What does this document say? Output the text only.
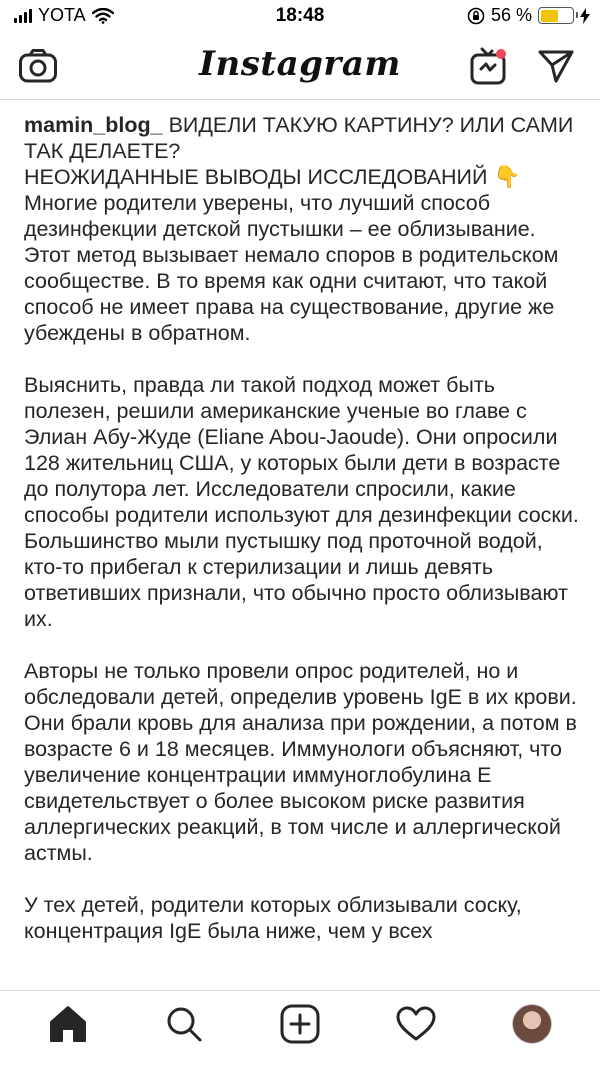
YOTA	18:48	56 %
Instagram
mamin_blog_ ВИДЕЛИ ТАКУЮ КАРТИНУ? ИЛИ САМИ ТАК ДЕЛАЕТЕ?
НЕОЖИДАННЫЕ ВЫВОДЫ ИССЛЕДОВАНИЙ 👇
Многие родители уверены, что лучший способ дезинфекции детской пустышки – ее облизывание. Этот метод вызывает немало споров в родительском сообществе. В то время как одни считают, что такой способ не имеет права на существование, другие же убеждены в обратном.
Выяснить, правда ли такой подход может быть полезен, решили американские ученые во главе с Элиан Абу-Жуде (Eliane Abou-Jaoude). Они опросили 128 жительниц США, у которых были дети в возрасте до полутора лет. Исследователи спросили, какие способы родители используют для дезинфекции соски. Большинство мыли пустышку под проточной водой, кто-то прибегал к стерилизации и лишь девять ответивших признали, что обычно просто облизывают их.
Авторы не только провели опрос родителей, но и обследовали детей, определив уровень IgE в их крови. Они брали кровь для анализа при рождении, а потом в возрасте 6 и 18 месяцев. Иммунологи объясняют, что увеличение концентрации иммуноглобулина Е свидетельствует о более высоком риске развития аллергических реакций, в том числе и аллергической астмы.
У тех детей, родители которых облизывали соску, концентрация IgE была ниже, чем у всех
